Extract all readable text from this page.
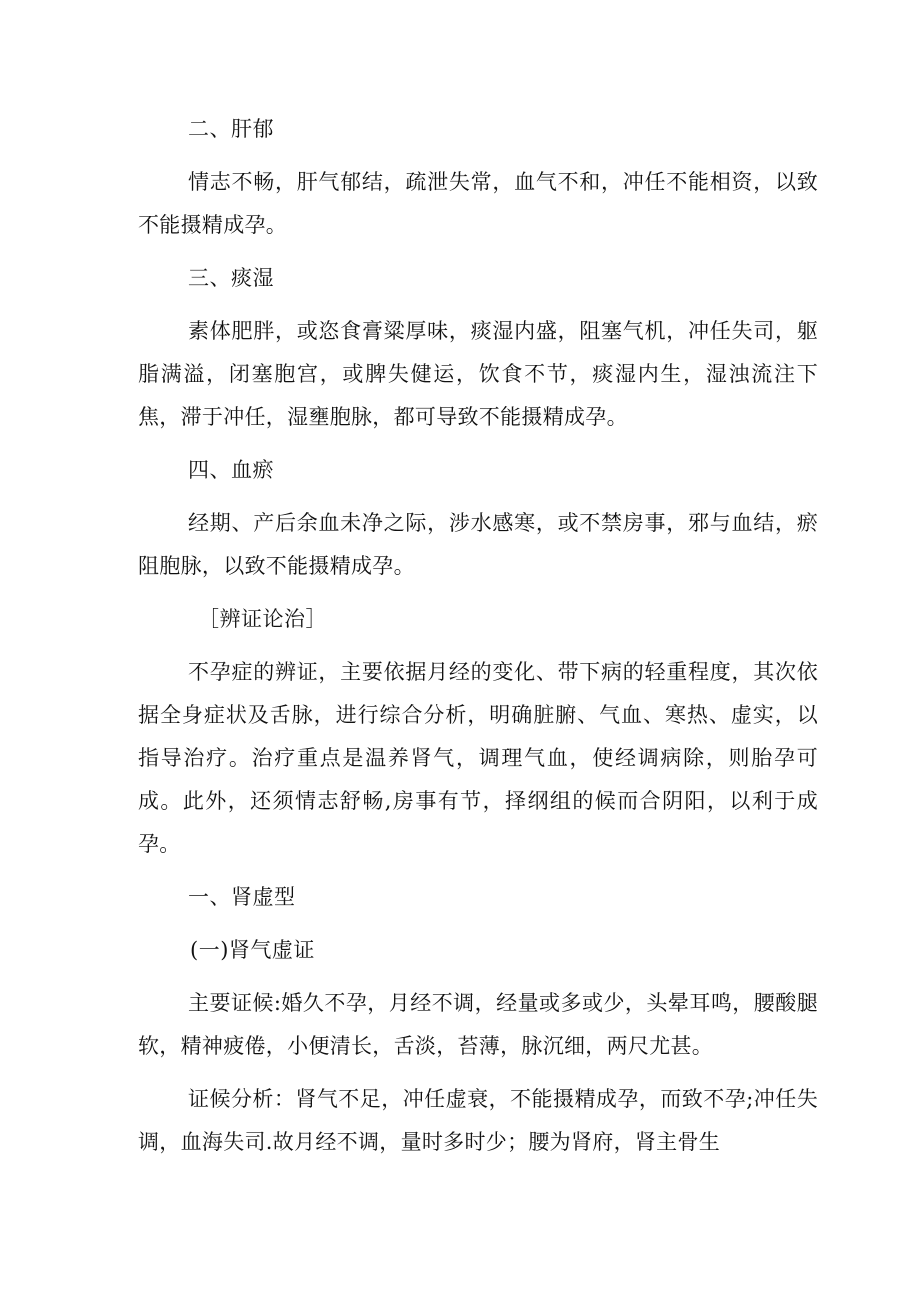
二、肝郁
情志不畅，肝气郁结，疏泄失常，血气不和，冲任不能相资，以致不能摄精成孕。
三、痰湿
素体肥胖，或恣食膏粱厚味，痰湿内盛，阻塞气机，冲任失司，躯脂满溢，闭塞胞宫，或脾失健运，饮食不节，痰湿内生，湿浊流注下焦，滞于冲任，湿壅胞脉，都可导致不能摄精成孕。
四、血瘀
经期、产后余血未净之际，涉水感寒，或不禁房事，邪与血结，瘀阻胞脉，以致不能摄精成孕。
［辨证论治］
不孕症的辨证，主要依据月经的变化、带下病的轻重程度，其次依据全身症状及舌脉，进行综合分析，明确脏腑、气血、寒热、虚实，以指导治疗。治疗重点是温养肾气，调理气血，使经调病除，则胎孕可成。此外，还须情志舒畅,房事有节，择纲组的候而合阴阳，以利于成孕。
一、肾虚型
(一)肾气虚证
主要证候:婚久不孕，月经不调，经量或多或少，头晕耳鸣，腰酸腿软，精神疲倦，小便清长，舌淡，苔薄，脉沉细，两尺尤甚。
证候分析：肾气不足，冲任虚衰，不能摄精成孕，而致不孕;冲任失调，血海失司.故月经不调，量时多时少；腰为肾府，肾主骨生
